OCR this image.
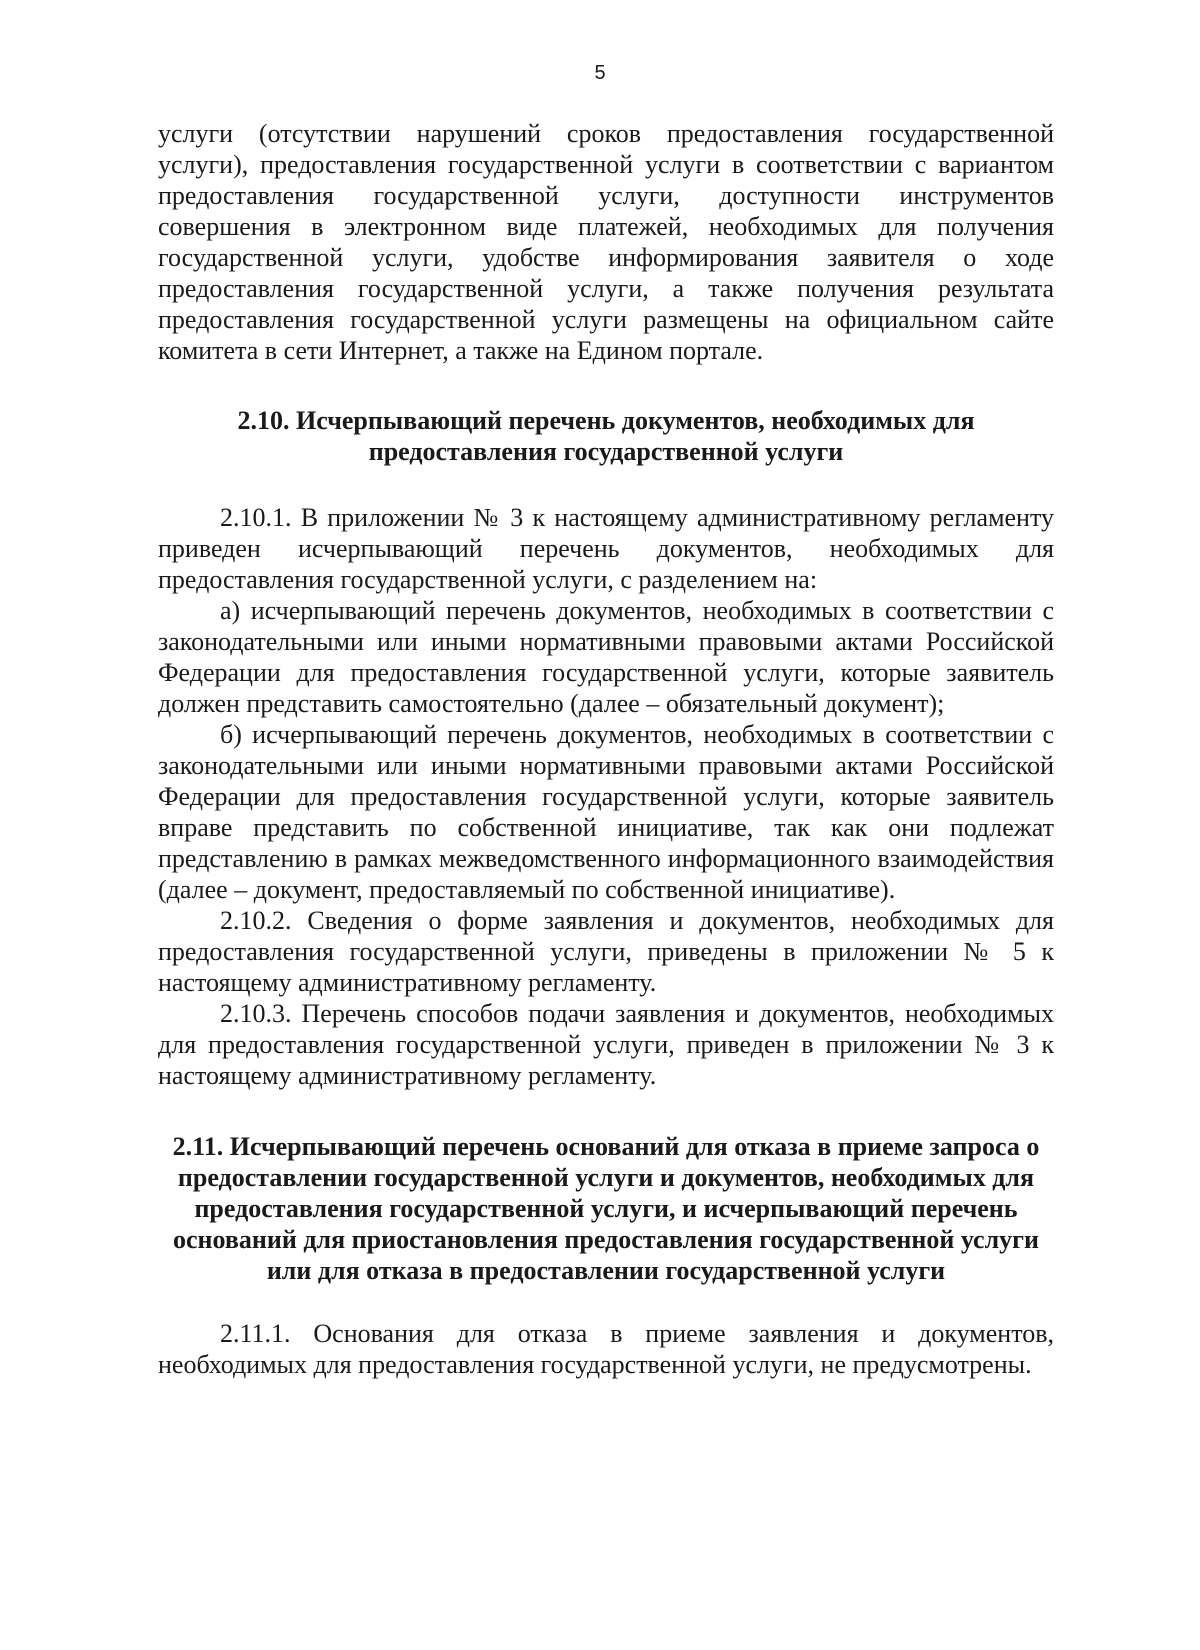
5

услуги (отсутствии нарушений сроков предоставления государственной услуги), предоставления государственной услуги в соответствии с вариантом предоставления государственной услуги, доступности инструментов совершения в электронном виде платежей, необходимых для получения государственной услуги, удобстве информирования заявителя о ходе предоставления государственной услуги, а также получения результата предоставления государственной услуги размещены на официальном сайте комитета в сети Интернет, а также на Едином портале.

2.10. Исчерпывающий перечень документов, необходимых для предоставления государственной услуги

2.10.1. В приложении № 3 к настоящему административному регламенту приведен исчерпывающий перечень документов, необходимых для предоставления государственной услуги, с разделением на:

а) исчерпывающий перечень документов, необходимых в соответствии с законодательными или иными нормативными правовыми актами Российской Федерации для предоставления государственной услуги, которые заявитель должен представить самостоятельно (далее – обязательный документ);

б) исчерпывающий перечень документов, необходимых в соответствии с законодательными или иными нормативными правовыми актами Российской Федерации для предоставления государственной услуги, которые заявитель вправе представить по собственной инициативе, так как они подлежат представлению в рамках межведомственного информационного взаимодействия (далее – документ, предоставляемый по собственной инициативе).

2.10.2. Сведения о форме заявления и документов, необходимых для предоставления государственной услуги, приведены в приложении № 5 к настоящему административному регламенту.

2.10.3. Перечень способов подачи заявления и документов, необходимых для предоставления государственной услуги, приведен в приложении № 3 к настоящему административному регламенту.

2.11. Исчерпывающий перечень оснований для отказа в приеме запроса о предоставлении государственной услуги и документов, необходимых для предоставления государственной услуги, и исчерпывающий перечень оснований для приостановления предоставления государственной услуги или для отказа в предоставлении государственной услуги

2.11.1. Основания для отказа в приеме заявления и документов, необходимых для предоставления государственной услуги, не предусмотрены.
